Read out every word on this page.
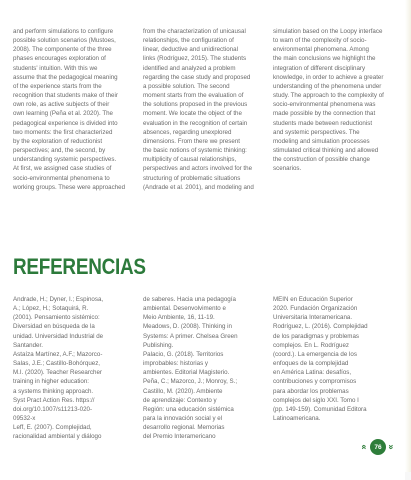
and perform simulations to configure
possible solution scenarios (Mustoes,
2008). The componente of the three
phases encourages exploration of
students' intuition. With this we
assume that the pedagogical meaning
of the experience starts from the
recognition that students make of their
own role, as active subjects of their
own learning (Peña et al. 2020). The
pedagogical experience is divided into
two moments: the first characterized
by the exploration of reductionist
perspectives; and, the second, by
understanding systemic perspectives.
At first, we assigned case studies of
socio-environmental phenomena to
working groups. These were approached

from the characterization of unicausal
relationships, the configuration of
linear, deductive and unidirectional
links (Rodríguez, 2015). The students
identified and analyzed a problem
regarding the case study and proposed
a possible solution. The second
moment starts from the evaluation of
the solutions proposed in the previous
moment. We locate the object of the
evaluation in the recognition of certain
absences, regarding unexplored
dimensions. From there we present
the basic notions of systemic thinking:
multiplicity of causal relationships,
perspectives and actors involved for the
structuring of problematic situations
(Andrade et al. 2001), and modeling and

simulation based on the Loopy interface
to warn of the complexity of socio-
environmental phenomena. Among
the main conclusions we highlight the
integration of different disciplinary
knowledge, in order to achieve a greater
understanding of the phenomena under
study. The approach to the complexity of
socio-environmental phenomena was
made possible by the connection that
students made between reductionist
and systemic perspectives. The
modeling and simulation processes
stimulated critical thinking and allowed
the construction of possible change
scenarios.

REFERENCIAS

Andrade, H.; Dyner, I.; Espinosa,
A.; López, H.; Sotaquirá, R.
(2001). Pensamiento sistémico:
Diversidad en búsqueda de la
unidad. Universidad Industrial de
Santander.

Astaíza Martínez, A.F.; Mazorco-
Salas, J.E.; Castillo-Bohórquez,
M.I. (2020). Teacher Researcher
training in higher education:
a systems thinking approach.
Syst Pract Action Res. https://
doi.org/10.1007/s11213-020-
09532-x

Leff, E. (2007). Complejidad,
racionalidad ambiental y diálogo

de saberes. Hacia una pedagogía
ambiental. Desenvolvimento e
Meio Ambiente, 16, 11-19.

Meadows, D. (2008). Thinking in
Systems: A primer. Chelsea Green
Publishing.

Palacio, G. (2018). Territorios
improbables: historias y
ambientes. Editorial Magisterio.

Peña, C.; Mazorco, J.; Monroy, S.;
Castillo, M. (2020). Ambiente
de aprendizaje: Contexto y
Región: una educación sistémica
para la innovación social y el
desarrollo regional. Memorias
del Premio Interamericano

MEIN en Educación Superior
2020. Fundación Organización
Universitaria Interamericana.

Rodríguez, L. (2016). Complejidad
de los paradigmas y problemas
complejos. En L. Rodríguez
(coord.). La emergencia de los
enfoques de la complejidad
en América Latina: desafíos,
contribuciones y compromisos
para abordar los problemas
complejos del siglo XXI. Tomo I
(pp. 149-159). Comunidad Editora
Latinoamericana.

« 76 »
